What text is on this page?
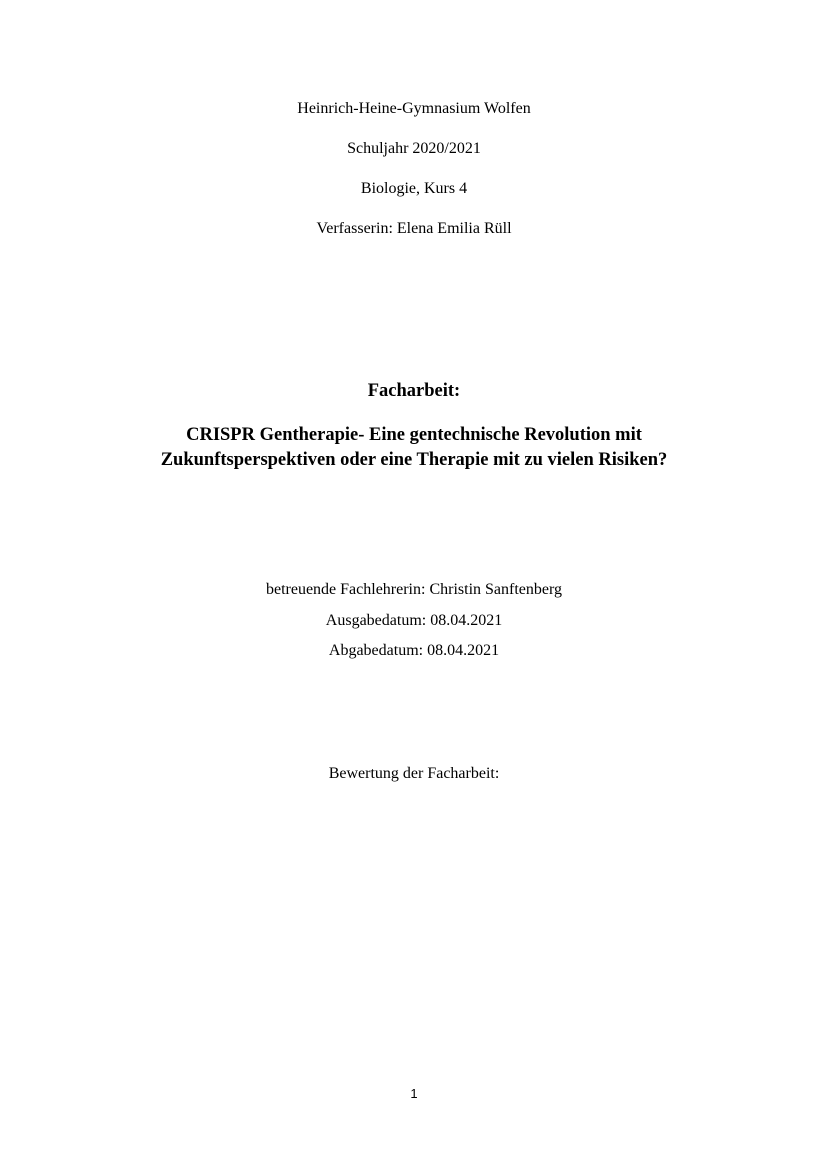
Heinrich-Heine-Gymnasium Wolfen
Schuljahr 2020/2021
Biologie, Kurs 4
Verfasserin: Elena Emilia Rüll
Facharbeit:
CRISPR Gentherapie- Eine gentechnische Revolution mit
Zukunftsperspektiven oder eine Therapie mit zu vielen Risiken?
betreuende Fachlehrerin: Christin Sanftenberg
Ausgabedatum: 08.04.2021
Abgabedatum: 08.04.2021
Bewertung der Facharbeit:
1
